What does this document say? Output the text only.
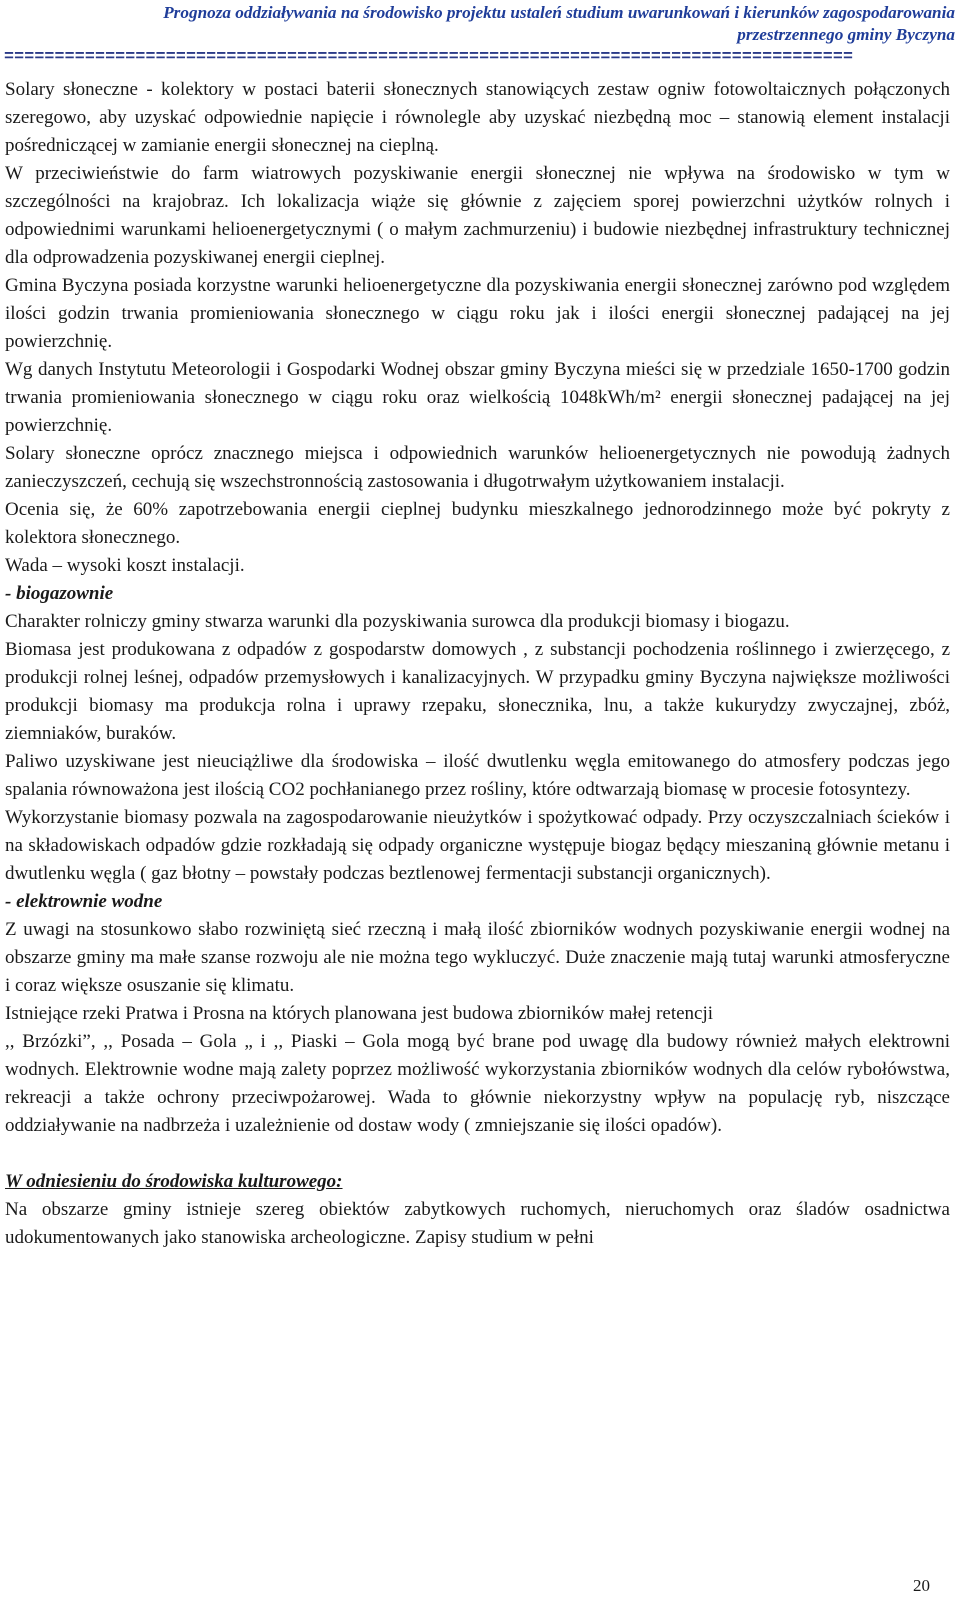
Prognoza oddziaływania na środowisko projektu ustaleń studium uwarunkowań i kierunków zagospodarowania
przestrzennego gminy Byczyna
====================================================================================

Solary słoneczne - kolektory w postaci baterii słonecznych stanowiących zestaw ogniw fotowoltaicznych połączonych szeregowo, aby uzyskać odpowiednie napięcie i równolegle aby uzyskać niezbędną moc – stanowią element instalacji pośredniczącej w zamianie energii słonecznej na cieplną.

W przeciwieństwie do farm wiatrowych pozyskiwanie energii słonecznej nie wpływa na środowisko w tym w szczególności na krajobraz. Ich lokalizacja wiąże się głównie z zajęciem sporej powierzchni użytków rolnych i odpowiednimi warunkami helioenergetycznymi ( o małym zachmurzeniu) i budowie niezbędnej infrastruktury technicznej dla odprowadzenia pozyskiwanej energii cieplnej.

Gmina Byczyna posiada korzystne warunki helioenergetyczne dla pozyskiwania energii słonecznej zarówno pod względem ilości godzin trwania promieniowania słonecznego w ciągu roku jak i ilości energii słonecznej padającej na jej powierzchnię.

Wg danych Instytutu Meteorologii i Gospodarki Wodnej obszar gminy Byczyna mieści się w przedziale 1650-1700 godzin trwania promieniowania słonecznego w ciągu roku oraz wielkością 1048kWh/m² energii słonecznej padającej na jej powierzchnię.

Solary słoneczne oprócz znacznego miejsca i odpowiednich warunków helioenergetycznych nie powodują żadnych zanieczyszczeń, cechują się wszechstronnością zastosowania i długotrwałym użytkowaniem instalacji.

Ocenia się, że 60% zapotrzebowania energii cieplnej budynku mieszkalnego jednorodzinnego może być pokryty z kolektora słonecznego.

Wada – wysoki koszt instalacji.

- biogazownie

Charakter rolniczy gminy stwarza warunki dla pozyskiwania surowca dla produkcji biomasy i biogazu.

Biomasa jest produkowana z odpadów z gospodarstw domowych , z substancji pochodzenia roślinnego i zwierzęcego, z produkcji rolnej leśnej, odpadów przemysłowych i kanalizacyjnych. W przypadku gminy Byczyna największe możliwości produkcji biomasy ma produkcja rolna i uprawy rzepaku, słonecznika, lnu, a także kukurydzy zwyczajnej, zbóż, ziemniaków, buraków.

Paliwo uzyskiwane jest nieuciążliwe dla środowiska – ilość dwutlenku węgla emitowanego do atmosfery podczas jego spalania równoważona jest ilością CO2 pochłanianego przez rośliny, które odtwarzają biomasę w procesie fotosyntezy.

Wykorzystanie biomasy pozwala na zagospodarowanie nieużytków i spożytkować odpady. Przy oczyszczalniach ścieków i na składowiskach odpadów gdzie rozkładają się odpady organiczne występuje biogaz będący mieszaniną głównie metanu i dwutlenku węgla ( gaz błotny – powstały podczas beztlenowej fermentacji substancji organicznych).

- elektrownie wodne

Z uwagi na stosunkowo słabo rozwiniętą sieć rzeczną i małą ilość zbiorników wodnych pozyskiwanie energii wodnej na obszarze gminy ma małe szanse rozwoju ale nie można tego wykluczyć. Duże znaczenie mają tutaj warunki atmosferyczne i coraz większe osuszanie się klimatu.

Istniejące rzeki Pratwa i Prosna na których planowana jest budowa zbiorników małej retencji

,, Brzózki”, ,, Posada – Gola „ i ,, Piaski – Gola mogą być brane pod uwagę dla budowy również małych elektrowni wodnych. Elektrownie wodne mają zalety poprzez możliwość wykorzystania zbiorników wodnych dla celów rybołówstwa, rekreacji a także ochrony przeciwpożarowej. Wada to głównie niekorzystny wpływ na populację ryb, niszczące oddziaływanie na nadbrzeża i uzależnienie od dostaw wody ( zmniejszanie się ilości opadów).

W odniesieniu do środowiska kulturowego:

Na obszarze gminy istnieje szereg obiektów zabytkowych ruchomych, nieruchomych oraz śladów osadnictwa udokumentowanych jako stanowiska archeologiczne. Zapisy studium w pełni

20
